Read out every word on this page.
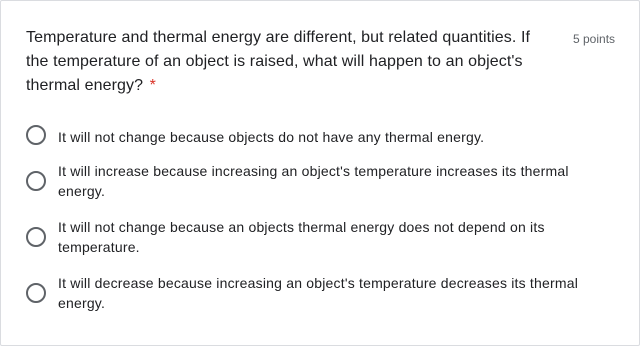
Temperature and thermal energy are different, but related quantities. If the temperature of an object is raised, what will happen to an object's thermal energy? *
5 points
It will not change because objects do not have any thermal energy.
It will increase because increasing an object's temperature increases its thermal energy.
It will not change because an objects thermal energy does not depend on its temperature.
It will decrease because increasing an object's temperature decreases its thermal energy.
